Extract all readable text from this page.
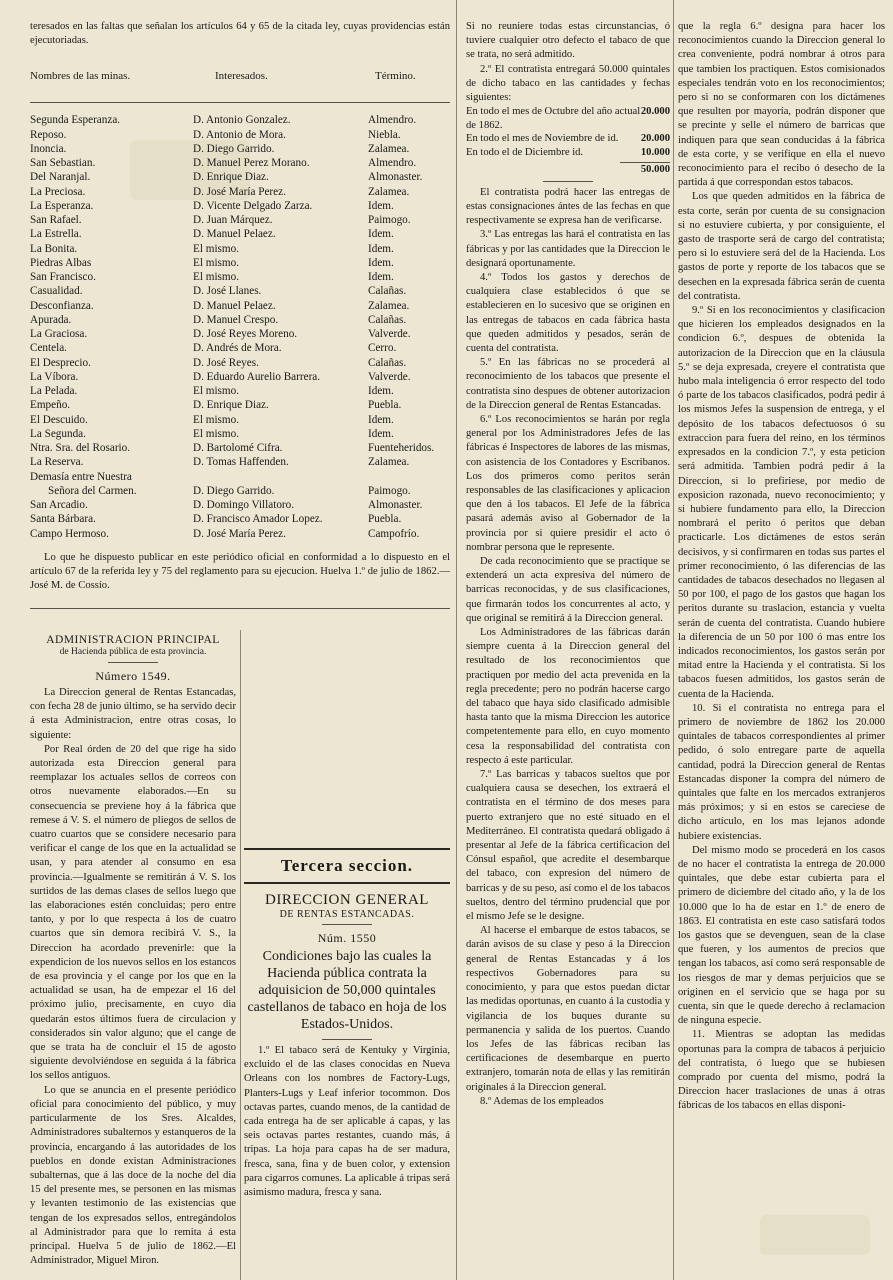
teresados en las faltas que señalan los artículos 64 y 65 de la citada ley, cuyas providencias están ejecutoriadas.

Nombres de las minas.	Interesados.	Término.
Segunda Esperanza.	D. Antonio Gonzalez.	Almendro.
Reposo.	D. Antonio de Mora.	Niebla.
Inoncia.	D. Diego Garrido.	Zalamea.
San Sebastian.	D. Manuel Perez Morano.	Almendro.
Del Naranjal.	D. Enrique Diaz.	Almonaster.
La Preciosa.	D. José María Perez.	Zalamea.
La Esperanza.	D. Vicente Delgado Zarza.	Idem.
San Rafael.	D. Juan Márquez.	Paimogo.
La Estrella.	D. Manuel Pelaez.	Idem.
La Bonita.	El mismo.	Idem.
Piedras Albas	El mismo.	Idem.
San Francisco.	El mismo.	Idem.
Casualidad.	D. José Llanes.	Calañas.
Desconfianza.	D. Manuel Pelaez.	Zalamea.
Apurada.	D. Manuel Crespo.	Calañas.
La Graciosa.	D. José Reyes Moreno.	Valverde.
Centela.	D. Andrés de Mora.	Cerro.
El Desprecio.	D. José Reyes.	Calañas.
La Víbora.	D. Eduardo Aurelio Barrera.	Valverde.
La Pelada.	El mismo.	Idem.
Empeño.	D. Enrique Diaz.	Puebla.
El Descuido.	El mismo.	Idem.
La Segunda.	El mismo.	Idem.
Ntra. Sra. del Rosario.	D. Bartolomé Cifra.	Fuenteheridos.
La Reserva.	D. Tomas Haffenden.	Zalamea.
Demasía entre Nuestra		
Señora del Carmen.	D. Diego Garrido.	Paimogo.
San Arcadio.	D. Domingo Villatoro.	Almonaster.
Santa Bárbara.	D. Francisco Amador Lopez.	Puebla.
Campo Hermoso.	D. José María Perez.	Campofrío.

Lo que he dispuesto publicar en este periódico oficial en conformidad a lo dispuesto en el artículo 67 de la referida ley y 75 del reglamento para su ejecucion. Huelva 1.º de julio de 1862.—José M. de Cossío.

ADMINISTRACION PRINCIPAL
de Hacienda pública de esta provincia.
Número 1549.

La Direccion general de Rentas Estancadas, con fecha 28 de junio último, se ha servido decir á esta Administracion, entre otras cosas, lo siguiente:

Por Real órden de 20 del que rige ha sido autorizada esta Direccion general para reemplazar los actuales sellos de correos con otros nuevamente elaborados.—En su consecuencia se previene hoy á la fábrica que remese á V. S. el número de pliegos de sellos de cuatro cuartos que se considere necesario para verificar el cange de los que en la actualidad se usan, y para atender al consumo en esa provincia.—Igualmente se remitirán á V. S. los surtidos de las demas clases de sellos luego que las elaboraciones estén concluidas; pero entre tanto, y por lo que respecta á los de cuatro cuartos que sin demora recibirá V. S., la Direccion ha acordado prevenirle: que la expendicion de los nuevos sellos en los estancos de esa provincia y el cange por los que en la actualidad se usan, ha de empezar el 16 del próximo julio, precisamente, en cuyo dia quedarán estos últimos fuera de circulacion y considerados sin valor alguno; que el cange de que se trata ha de concluir el 15 de agosto siguiente devolviéndose en seguida á la fábrica los sellos antiguos.

Lo que se anuncia en el presente periódico oficial para conocimiento del público, y muy particularmente de los Sres. Alcaldes, Administradores subalternos y estanqueros de la provincia, encargando á las autoridades de los pueblos en donde existan Administraciones subalternas, que á las doce de la noche del dia 15 del presente mes, se personen en las mismas y levanten testimonio de las existencias que tengan de los expresados sellos, entregándolos al Administrador para que lo remita á esta principal. Huelva 5 de julio de 1862.—El Administrador, Miguel Miron.

Tercera seccion.
DIRECCION GENERAL
DE RENTAS ESTANCADAS.
Núm. 1550
Condiciones bajo las cuales la Hacienda pública contrata la adquisicion de 50,000 quintales castellanos de tabaco en hoja de los Estados-Unidos.

1.º El tabaco será de Kentuky y Virginia, excluido el de las clases conocidas en Nueva Orleans con los nombres de Factory-Lugs, Planters-Lugs y Leaf inferior tocommon. Dos octavas partes, cuando menos, de la cantidad de cada entrega ha de ser aplicable á capas, y las seis octavas partes restantes, cuando más, á tripas. La hoja para capas ha de ser madura, fresca, sana, fina y de buen color, y extension para cigarros comunes. La aplicable á tripas será asimismo madura, fresca y sana.

Si no reuniere todas estas circunstancias, ó tuviere cualquier otro defecto el tabaco de que se trata, no será admitido.

2.º El contratista entregará 50.000 quintales de dicho tabaco en las cantidades y fechas siguientes:

En todo el mes de Octubre del año actual de 1862.
20.000
En todo el mes de Noviembre de id. 20.000
En todo el de Diciembre id.	10.000
50.000

El contratista podrá hacer las entregas de estas consignaciones ántes de las fechas en que respectivamente se expresa han de verificarse.

3.º Las entregas las hará el contratista en las fábricas y por las cantidades que la Direccion le designará oportunamente.

4.º Todos los gastos y derechos de cualquiera clase establecidos ó que se establecieren en lo sucesivo que se originen en las entregas de tabacos en cada fábrica hasta que queden admitidos y pesados, serán de cuenta del contratista.

5.º En las fábricas no se procederá al reconocimiento de los tabacos que presente el contratista sino despues de obtener autorizacion de la Direccion general de Rentas Estancadas.

6.º Los reconocimientos se harán por regla general por los Administradores Jefes de las fábricas é Inspectores de labores de las mismas, con asistencia de los Contadores y Escribanos. Los dos primeros como peritos serán responsables de las clasificaciones y aplicacion que den á los tabacos. El Jefe de la fábrica pasará además aviso al Gobernador de la provincia por si quiere presidir el acto ó nombrar persona que le represente.

De cada reconocimiento que se practique se extenderá un acta expresiva del número de barricas reconocidas, y de sus clasificaciones, que firmarán todos los concurrentes al acto, y que original se remitirá á la Direccion general.

Los Administradores de las fábricas darán siempre cuenta á la Direccion general del resultado de los reconocimientos que practiquen por medio del acta prevenida en la regla precedente; pero no podrán hacerse cargo del tabaco que haya sido clasificado admisible hasta tanto que la misma Direccion les autorice competentemente para ello, en cuyo momento cesa la responsabilidad del contratista con respecto á este particular.

7.º Las barricas y tabacos sueltos que por cualquiera causa se desechen, los extraerá el contratista en el término de dos meses para puerto extranjero que no esté situado en el Mediterráneo. El contratista quedará obligado á presentar al Jefe de la fábrica certificacion del Cónsul español, que acredite el desembarque del tabaco, con expresion del número de barricas y de su peso, así como el de los tabacos sueltos, dentro del término prudencial que por el mismo Jefe se le designe.

Al hacerse el embarque de estos tabacos, se darán avisos de su clase y peso á la Direccion general de Rentas Estancadas y á los respectivos Gobernadores para su conocimiento, y para que estos puedan dictar las medidas oportunas, en cuanto á la custodia y vigilancia de los buques durante su permanencia y salida de los puertos. Cuando los Jefes de las fábricas reciban las certificaciones de desembarque en puerto extranjero, tomarán nota de ellas y las remitirán originales á la Direccion general.

8.º Ademas de los empleados

que la regla 6.º designa para hacer los reconocimientos cuando la Direccion general lo crea conveniente, podrá nombrar á otros para que tambien los practiquen. Estos comisionados especiales tendrán voto en los reconocimientos; pero si no se conformaren con los dictámenes que resulten por mayoría, podrán disponer que se precinte y selle el número de barricas que indiquen para que sean conducidas á la fábrica de esta corte, y se verifique en ella el nuevo reconocimiento para el recibo ó desecho de la partida á que correspondan estos tabacos.

Los que queden admitidos en la fábrica de esta corte, serán por cuenta de su consignacion si no estuviere cubierta, y por consiguiente, el gasto de trasporte será de cargo del contratista; pero si lo estuviere será del de la Hacienda. Los gastos de porte y reporte de los tabacos que se desechen en la expresada fábrica serán de cuenta del contratista.

9.º Si en los reconocimientos y clasificacion que hicieren los empleados designados en la condicion 6.º, despues de obtenida la autorizacion de la Direccion que en la cláusula 5.º se deja expresada, creyere el contratista que hubo mala inteligencia ó error respecto del todo ó parte de los tabacos clasificados, podrá pedir á los mismos Jefes la suspension de entrega, y el depósito de los tabacos defectuosos ó su extraccion para fuera del reino, en los términos expresados en la condicion 7.º, y esta peticion será admitida. Tambien podrá pedir á la Direccion, si lo prefiriese, por medio de exposicion razonada, nuevo reconocimiento; y si hubiere fundamento para ello, la Direccion nombrará el perito ó peritos que deban practicarle. Los dictámenes de estos serán decisivos, y si confirmaren en todas sus partes el primer reconocimiento, ó las diferencias de las cantidades de tabacos desechados no llegasen al 50 por 100, el pago de los gastos que hagan los peritos durante su traslacion, estancia y vuelta serán de cuenta del contratista. Cuando hubiere la diferencia de un 50 por 100 ó mas entre los indicados reconocimientos, los gastos serán por mitad entre la Hacienda y el contratista. Si los tabacos fuesen admitidos, los gastos serán de cuenta de la Hacienda.

10. Si el contratista no entrega para el primero de noviembre de 1862 los 20.000 quintales de tabacos correspondientes al primer pedido, ó solo entregare parte de aquella cantidad, podrá la Direccion general de Rentas Estancadas disponer la compra del número de quintales que falte en los mercados extranjeros más próximos; y si en estos se careciese de dicho artículo, en los mas lejanos adonde hubiere existencias.

Del mismo modo se procederá en los casos de no hacer el contratista la entrega de 20.000 quintales, que debe estar cubierta para el primero de diciembre del citado año, y la de los 10.000 que lo ha de estar en 1.º de enero de 1863. El contratista en este caso satisfará todos los gastos que se devenguen, sean de la clase que fueren, y los aumentos de precios que tengan los tabacos, así como será responsable de los riesgos de mar y demas perjuicios que se originen en el servicio que se haga por su cuenta, sin que le quede derecho á reclamacion de ninguna especie.

11. Mientras se adoptan las medidas oportunas para la compra de tabacos á perjuicio del contratista, ó luego que se hubiesen comprado por cuenta del mismo, podrá la Direccion hacer traslaciones de unas á otras fábricas de los tabacos en ellas disponi-
